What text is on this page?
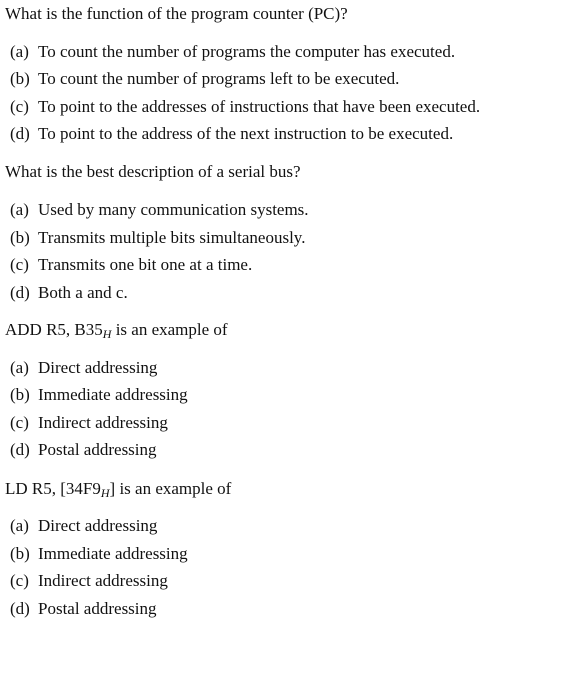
What is the function of the program counter (PC)?
(a) To count the number of programs the computer has executed.
(b) To count the number of programs left to be executed.
(c) To point to the addresses of instructions that have been executed.
(d) To point to the address of the next instruction to be executed.
What is the best description of a serial bus?
(a) Used by many communication systems.
(b) Transmits multiple bits simultaneously.
(c) Transmits one bit one at a time.
(d) Both a and c.
ADD R5, $B35_H$ is an example of
(a) Direct addressing
(b) Immediate addressing
(c) Indirect addressing
(d) Postal addressing
LD R5, $[34F9_H]$ is an example of
(a) Direct addressing
(b) Immediate addressing
(c) Indirect addressing
(d) Postal addressing
